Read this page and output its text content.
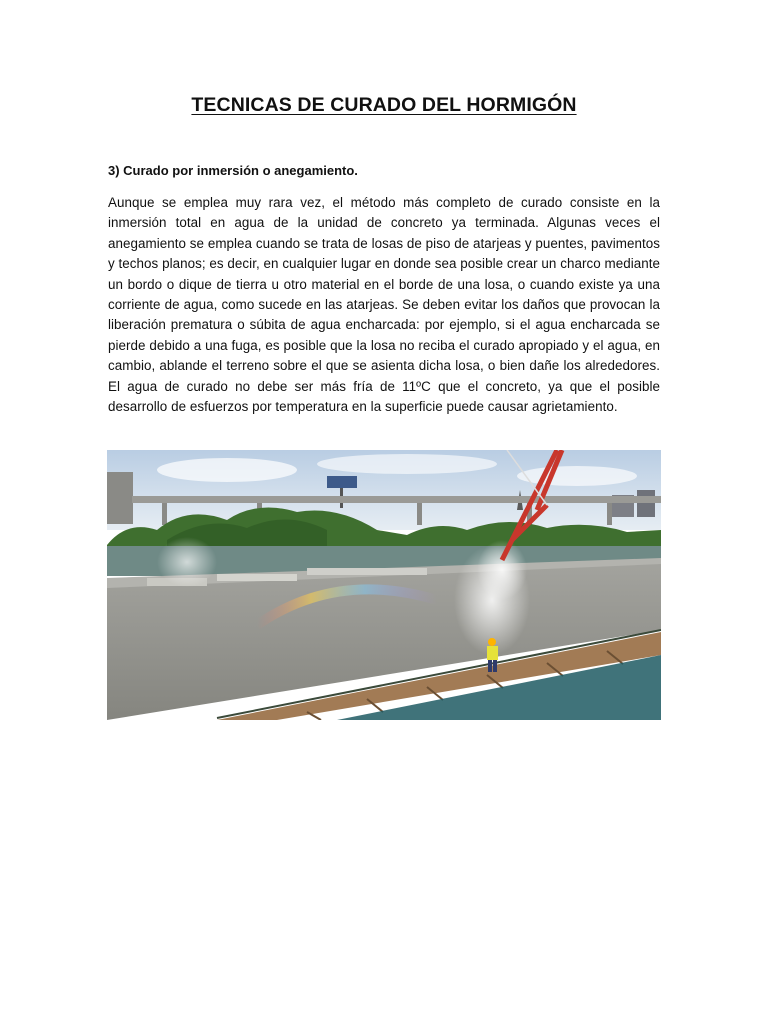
TECNICAS DE CURADO DEL HORMIGÓN
3) Curado por inmersión o anegamiento.
Aunque se emplea muy rara vez, el método más completo de curado consiste en la inmersión total en agua de la unidad de concreto ya terminada. Algunas veces el anegamiento se emplea cuando se trata de losas de piso de atarjeas y puentes, pavimentos y techos planos; es decir, en cualquier lugar en donde sea posible crear un charco mediante un bordo o dique de tierra u otro material en el borde de una losa, o cuando existe ya una corriente de agua, como sucede en las atarjeas. Se deben evitar los daños que provocan la liberación prematura o súbita de agua encharcada: por ejemplo, si el agua encharcada se pierde debido a una fuga, es posible que la losa no reciba el curado apropiado y el agua, en cambio, ablande el terreno sobre el que se asienta dicha losa, o bien dañe los alrededores. El agua de curado no debe ser más fría de 11ºC que el concreto, ya que el posible desarrollo de esfuerzos por temperatura en la superficie puede causar agrietamiento.
